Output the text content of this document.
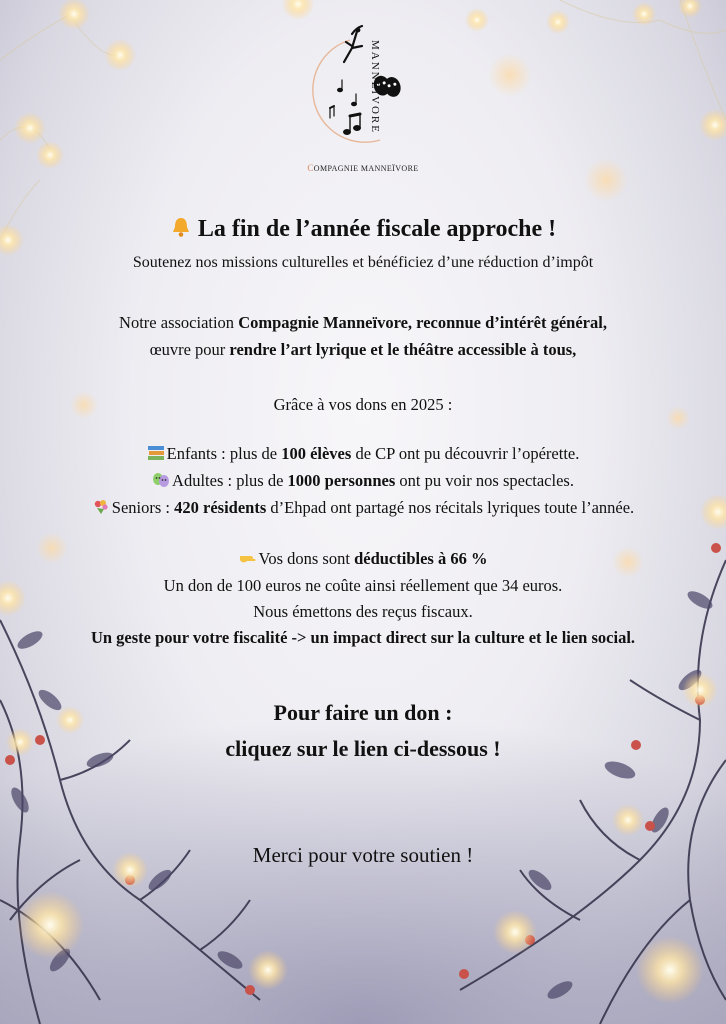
MANNEÏVORE
COMPAGNIE MANNEÏVORE
La fin de l’année fiscale approche !
Soutenez nos missions culturelles et bénéficiez d’une réduction d’impôt
Notre association Compagnie Manneïvore, reconnue d’intérêt général,
œuvre pour rendre l’art lyrique et le théâtre accessible à tous,
Grâce à vos dons en 2025 :
Enfants : plus de 100 élèves de CP ont pu découvrir l’opérette.
Adultes : plus de 1000 personnes ont pu voir nos spectacles.
Seniors : 420 résidents d’Ehpad ont partagé nos récitals lyriques toute l’année.
Vos dons sont déductibles à 66 %
Un don de 100 euros ne coûte ainsi réellement que 34 euros.
Nous émettons des reçus fiscaux.
Un geste pour votre fiscalité -> un impact direct sur la culture et le lien social.
Pour faire un don :
cliquez sur le lien ci-dessous !
Merci pour votre soutien !
